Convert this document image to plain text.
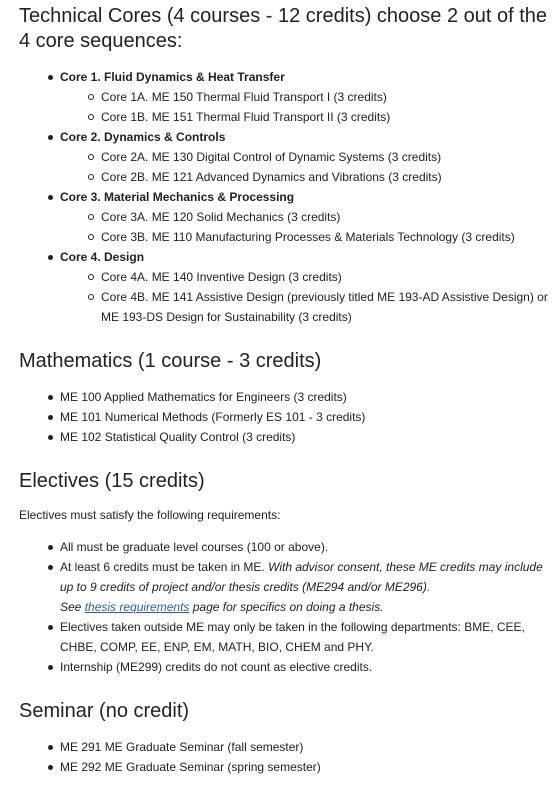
Technical Cores (4 courses - 12 credits) choose 2 out of the 4 core sequences:
Core 1. Fluid Dynamics & Heat Transfer
Core 1A. ME 150 Thermal Fluid Transport I (3 credits)
Core 1B. ME 151 Thermal Fluid Transport II (3 credits)
Core 2. Dynamics & Controls
Core 2A. ME 130 Digital Control of Dynamic Systems (3 credits)
Core 2B. ME 121 Advanced Dynamics and Vibrations (3 credits)
Core 3. Material Mechanics & Processing
Core 3A. ME 120 Solid Mechanics (3 credits)
Core 3B. ME 110 Manufacturing Processes & Materials Technology (3 credits)
Core 4. Design
Core 4A. ME 140 Inventive Design (3 credits)
Core 4B. ME 141 Assistive Design (previously titled ME 193-AD Assistive Design) or ME 193-DS Design for Sustainability (3 credits)
Mathematics (1 course - 3 credits)
ME 100 Applied Mathematics for Engineers (3 credits)
ME 101 Numerical Methods (Formerly ES 101 - 3 credits)
ME 102 Statistical Quality Control (3 credits)
Electives (15 credits)

Electives must satisfy the following requirements:

All must be graduate level courses (100 or above).
At least 6 credits must be taken in ME. With advisor consent, these ME credits may include up to 9 credits of project and/or thesis credits (ME294 and/or ME296).
See thesis requirements page for specifics on doing a thesis.
Electives taken outside ME may only be taken in the following departments: BME, CEE, CHBE, COMP, EE, ENP, EM, MATH, BIO, CHEM and PHY.
Internship (ME299) credits do not count as elective credits.
Seminar (no credit)
ME 291 ME Graduate Seminar (fall semester)
ME 292 ME Graduate Seminar (spring semester)
